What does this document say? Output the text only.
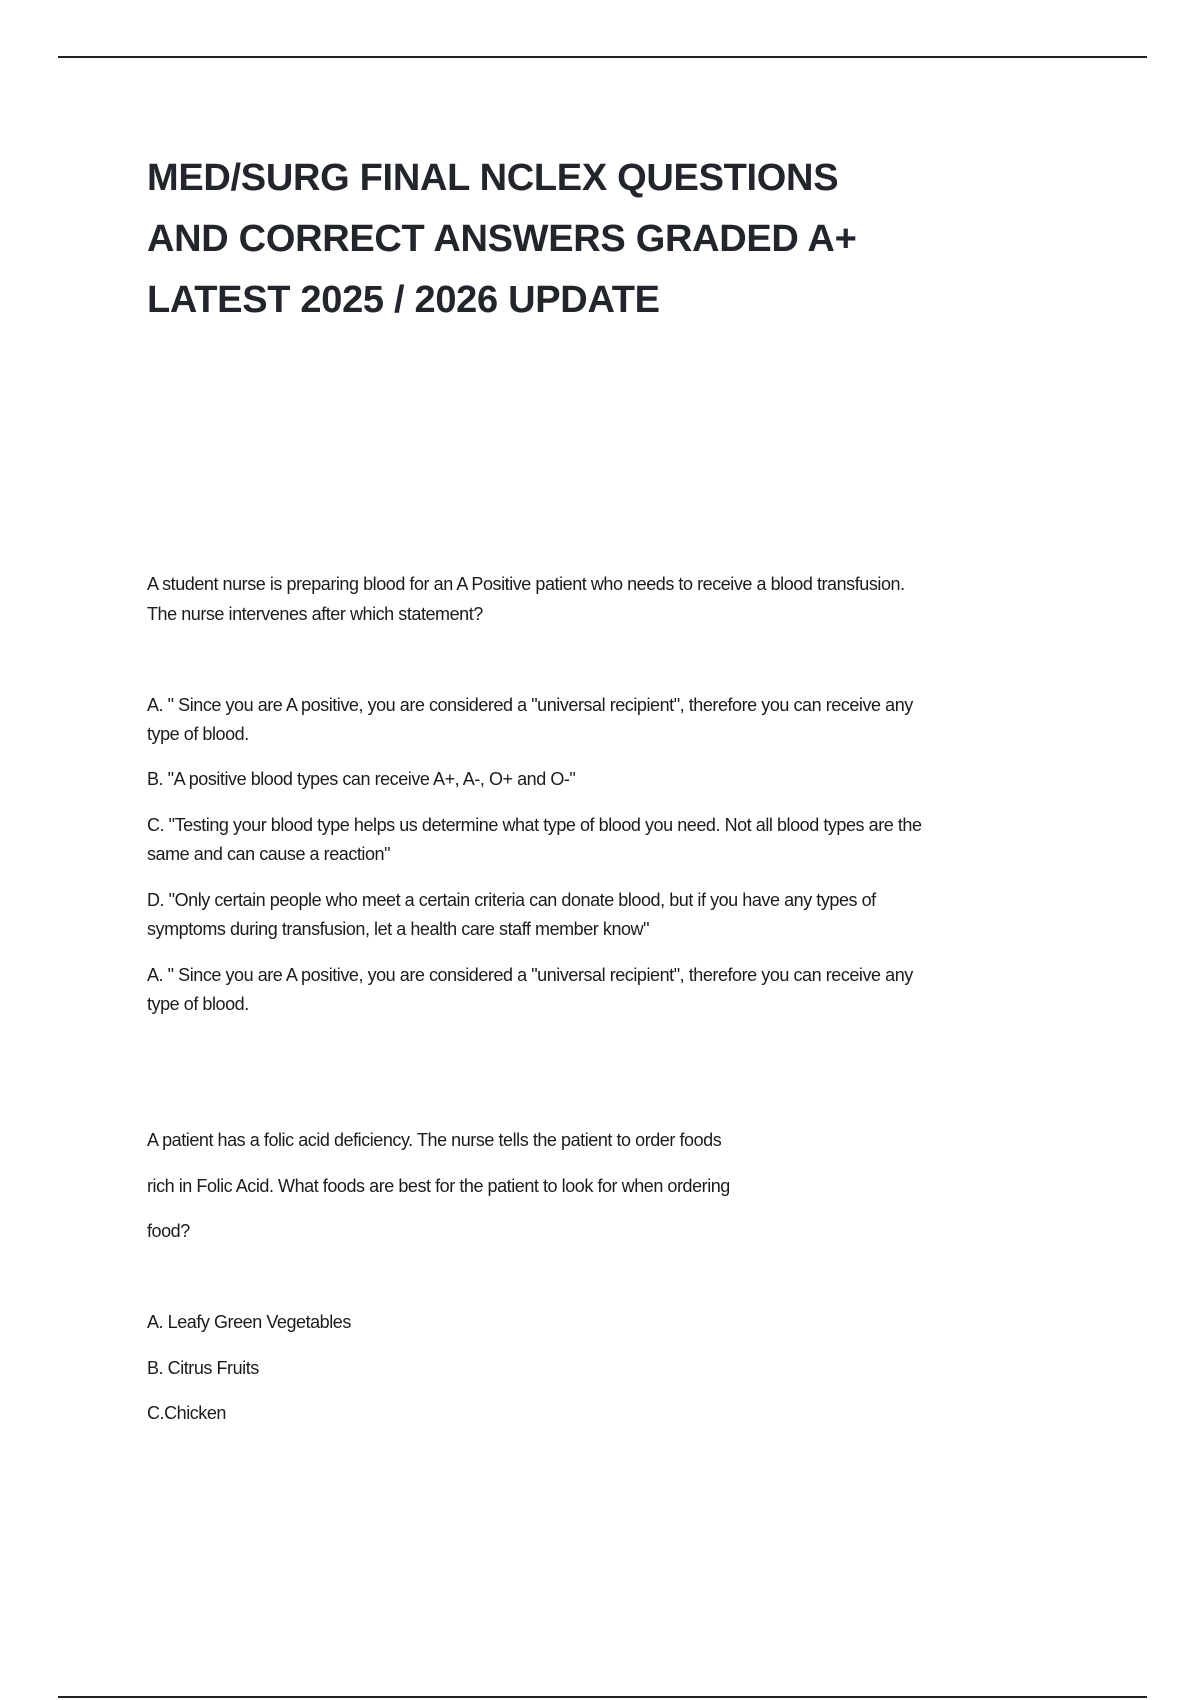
MED/SURG FINAL NCLEX QUESTIONS
AND CORRECT ANSWERS GRADED A+
LATEST 2025 / 2026 UPDATE
A student nurse is preparing blood for an A Positive patient who needs to receive a blood transfusion.
The nurse intervenes after which statement?
A. " Since you are A positive, you are considered a "universal recipient", therefore you can receive any
type of blood.
B. "A positive blood types can receive A+, A-, O+ and O-"
C. "Testing your blood type helps us determine what type of blood you need. Not all blood types are the
same and can cause a reaction"
D. "Only certain people who meet a certain criteria can donate blood, but if you have any types of
symptoms during transfusion, let a health care staff member know"
A. " Since you are A positive, you are considered a "universal recipient", therefore you can receive any
type of blood.
A patient has a folic acid deficiency. The nurse tells the patient to order foods
rich in Folic Acid. What foods are best for the patient to look for when ordering
food?
A. Leafy Green Vegetables
B. Citrus Fruits
C.Chicken
